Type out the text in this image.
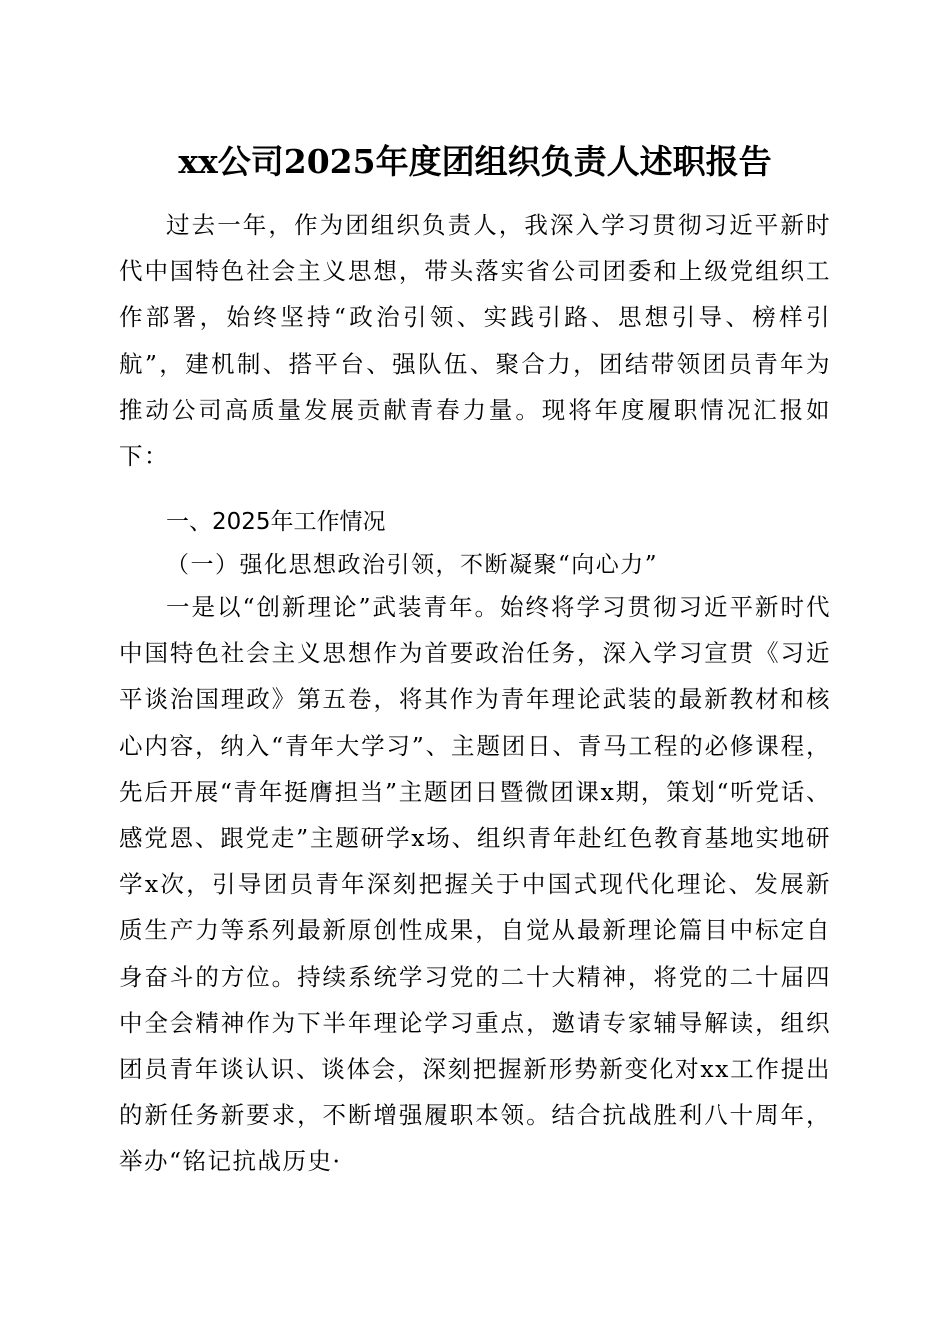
xx公司2025年度团组织负责人述职报告
过去一年，作为团组织负责人，我深入学习贯彻习近平新时代中国特色社会主义思想，带头落实省公司团委和上级党组织工作部署，始终坚持“政治引领、实践引路、思想引导、榜样引航”，建机制、搭平台、强队伍、聚合力，团结带领团员青年为推动公司高质量发展贡献青春力量。现将年度履职情况汇报如下：
一、2025年工作情况
（一）强化思想政治引领，不断凝聚“向心力”
一是以“创新理论”武装青年。始终将学习贯彻习近平新时代中国特色社会主义思想作为首要政治任务，深入学习宣贯《习近平谈治国理政》第五卷，将其作为青年理论武装的最新教材和核心内容，纳入“青年大学习”、主题团日、青马工程的必修课程，先后开展“青年挺膺担当”主题团日暨微团课x期，策划“听党话、感党恩、跟党走”主题研学x场、组织青年赴红色教育基地实地研学x次，引导团员青年深刻把握关于中国式现代化理论、发展新质生产力等系列最新原创性成果，自觉从最新理论篇目中标定自身奋斗的方位。持续系统学习党的二十大精神，将党的二十届四中全会精神作为下半年理论学习重点，邀请专家辅导解读，组织团员青年谈认识、谈体会，深刻把握新形势新变化对xx工作提出的新任务新要求，不断增强履职本领。结合抗战胜利八十周年，举办“铭记抗战历史·
